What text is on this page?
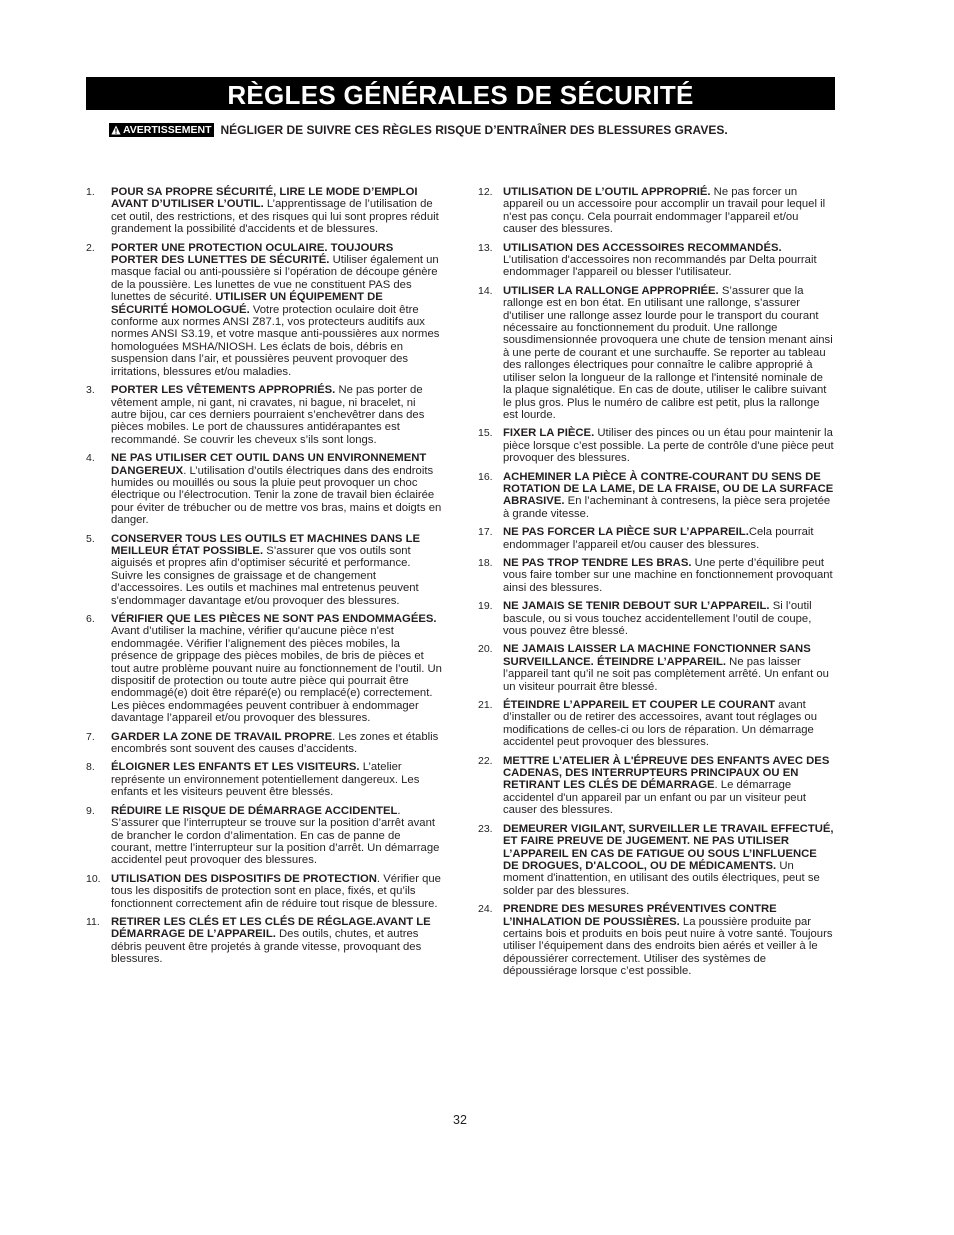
RÈGLES GÉNÉRALES DE SÉCURITÉ
AVERTISSEMENT NÉGLIGER DE SUIVRE CES RÈGLES RISQUE D’ENTRAÎNER DES BLESSURES GRAVES.
1. POUR SA PROPRE SÉCURITÉ, LIRE LE MODE D’EMPLOI AVANT D’UTILISER L’OUTIL. L’apprentissage de l’utilisation de cet outil, des restrictions, et des risques qui lui sont propres réduit grandement la possibilité d'accidents et de blessures.
2. PORTER UNE PROTECTION OCULAIRE. TOUJOURS PORTER DES LUNETTES DE SÉCURITÉ. Utiliser également un masque facial ou anti-poussière si l’opération de découpe génère de la poussière. Les lunettes de vue ne constituent PAS des lunettes de sécurité. UTILISER UN ÉQUIPEMENT DE SÉCURITÉ HOMOLOGUÉ. Votre protection oculaire doit être conforme aux normes ANSI Z87.1, vos protecteurs auditifs aux normes ANSI S3.19, et votre masque anti-poussières aux normes homologuées MSHA/NIOSH. Les éclats de bois, débris en suspension dans l’air, et poussières peuvent provoquer des irritations, blessures et/ou maladies.
3. PORTER LES VÊTEMENTS APPROPRIÉS. Ne pas porter de vêtement ample, ni gant, ni cravates, ni bague, ni bracelet, ni autre bijou, car ces derniers pourraient s’enchevêtrer dans des pièces mobiles. Le port de chaussures antidérapantes est recommandé. Se couvrir les cheveux s’ils sont longs.
4. NE PAS UTILISER CET OUTIL DANS UN ENVIRONNEMENT DANGEREUX. L’utilisation d’outils électriques dans des endroits humides ou mouillés ou sous la pluie peut provoquer un choc électrique ou l’électrocution. Tenir la zone de travail bien éclairée pour éviter de trébucher ou de mettre vos bras, mains et doigts en danger.
5. CONSERVER TOUS LES OUTILS ET MACHINES DANS LE MEILLEUR ÉTAT POSSIBLE. S’assurer que vos outils sont aiguisés et propres afin d’optimiser sécurité et performance. Suivre les consignes de graissage et de changement d’accessoires. Les outils et machines mal entretenus peuvent s'endommager davantage et/ou provoquer des blessures.
6. VÉRIFIER QUE LES PIÈCES NE SONT PAS ENDOMMAGÉES. Avant d’utiliser la machine, vérifier qu'aucune pièce n'est endommagée. Vérifier l’alignement des pièces mobiles, la présence de grippage des pièces mobiles, de bris de pièces et tout autre problème pouvant nuire au fonctionnement de l’outil. Un dispositif de protection ou toute autre pièce qui pourrait être endommagé(e) doit être réparé(e) ou remplacé(e) correctement. Les pièces endommagées peuvent contribuer à endommager davantage l’appareil et/ou provoquer des blessures.
7. GARDER LA ZONE DE TRAVAIL PROPRE. Les zones et établis encombrés sont souvent des causes d’accidents.
8. ÉLOIGNER LES ENFANTS ET LES VISITEURS. L’atelier représente un environnement potentiellement dangereux. Les enfants et les visiteurs peuvent être blessés.
9. RÉDUIRE LE RISQUE DE DÉMARRAGE ACCIDENTEL. S’assurer que l’interrupteur se trouve sur la position d’arrêt avant de brancher le cordon d’alimentation. En cas de panne de courant, mettre l’interrupteur sur la position d’arrêt. Un démarrage accidentel peut provoquer des blessures.
10. UTILISATION DES DISPOSITIFS DE PROTECTION. Vérifier que tous les dispositifs de protection sont en place, fixés, et qu’ils fonctionnent correctement afin de réduire tout risque de blessure.
11. RETIRER LES CLÉS ET LES CLÉS DE RÉGLAGE.AVANT LE DÉMARRAGE DE L’APPAREIL. Des outils, chutes, et autres débris peuvent être projetés à grande vitesse, provoquant des blessures.
12. UTILISATION DE L’OUTIL APPROPRIÉ. Ne pas forcer un appareil ou un accessoire pour accomplir un travail pour lequel il n'est pas conçu. Cela pourrait endommager l’appareil et/ou causer des blessures.
13. UTILISATION DES ACCESSOIRES RECOMMANDÉS. L’utilisation d'accessoires non recommandés par Delta pourrait endommager l'appareil ou blesser l'utilisateur.
14. UTILISER LA RALLONGE APPROPRIÉE. S’assurer que la rallonge est en bon état. En utilisant une rallonge, s’assurer d'utiliser une rallonge assez lourde pour le transport du courant nécessaire au fonctionnement du produit. Une rallonge sousdimensionnée provoquera une chute de tension menant ainsi à une perte de courant et une surchauffe. Se reporter au tableau des rallonges électriques pour connaître le calibre approprié à utiliser selon la longueur de la rallonge et l'intensité nominale de la plaque signalétique. En cas de doute, utiliser le calibre suivant le plus gros. Plus le numéro de calibre est petit, plus la rallonge est lourde.
15. FIXER LA PIÈCE. Utiliser des pinces ou un étau pour maintenir la pièce lorsque c’est possible. La perte de contrôle d'une pièce peut provoquer des blessures.
16. ACHEMINER LA PIÈCE À CONTRE-COURANT DU SENS DE ROTATION DE LA LAME, DE LA FRAISE, OU DE LA SURFACE ABRASIVE. En l’acheminant à contresens, la pièce sera projetée à grande vitesse.
17. NE PAS FORCER LA PIÈCE SUR L’APPAREIL.Cela pourrait endommager l’appareil et/ou causer des blessures.
18. NE PAS TROP TENDRE LES BRAS. Une perte d’équilibre peut vous faire tomber sur une machine en fonctionnement provoquant ainsi des blessures.
19. NE JAMAIS SE TENIR DEBOUT SUR L’APPAREIL. Si l’outil bascule, ou si vous touchez accidentellement l’outil de coupe, vous pouvez être blessé.
20. NE JAMAIS LAISSER LA MACHINE FONCTIONNER SANS SURVEILLANCE. ÉTEINDRE L’APPAREIL. Ne pas laisser l’appareil tant qu’il ne soit pas complètement arrêté. Un enfant ou un visiteur pourrait être blessé.
21. ÉTEINDRE L’APPAREIL ET COUPER LE COURANT avant d’installer ou de retirer des accessoires, avant tout réglages ou modifications de celles-ci ou lors de réparation. Un démarrage accidentel peut provoquer des blessures.
22. METTRE L’ATELIER À L'ÉPREUVE DES ENFANTS AVEC DES CADENAS, DES INTERRUPTEURS PRINCIPAUX OU EN RETIRANT LES CLÉS DE DÉMARRAGE. Le démarrage accidentel d'un appareil par un enfant ou par un visiteur peut causer des blessures.
23. DEMEURER VIGILANT, SURVEILLER LE TRAVAIL EFFECTUÉ, ET FAIRE PREUVE DE JUGEMENT. NE PAS UTILISER L’APPAREIL EN CAS DE FATIGUE OU SOUS L’INFLUENCE DE DROGUES, D'ALCOOL, OU DE MÉDICAMENTS. Un moment d'inattention, en utilisant des outils électriques, peut se solder par des blessures.
24. PRENDRE DES MESURES PRÉVENTIVES CONTRE L’INHALATION DE POUSSIÈRES. La poussière produite par certains bois et produits en bois peut nuire à votre santé. Toujours utiliser l’équipement dans des endroits bien aérés et veiller à le dépoussiérer correctement. Utiliser des systèmes de dépoussiérage lorsque c’est possible.
32
